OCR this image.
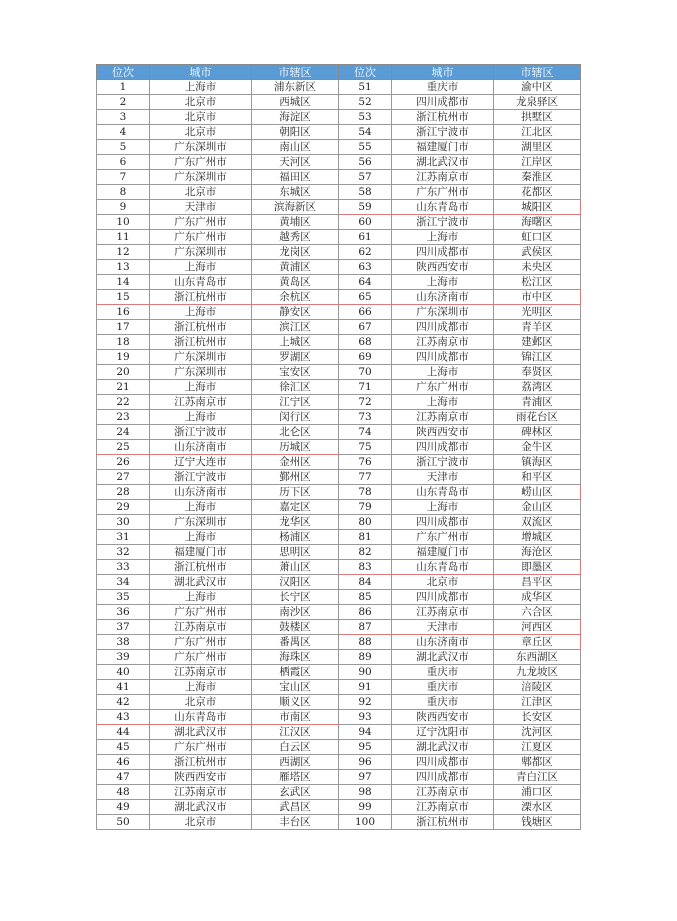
位次	城市	市辖区	位次	城市	市辖区
1	上海市	浦东新区	51	重庆市	渝中区
2	北京市	西城区	52	四川成都市	龙泉驿区
3	北京市	海淀区	53	浙江杭州市	拱墅区
4	北京市	朝阳区	54	浙江宁波市	江北区
5	广东深圳市	南山区	55	福建厦门市	湖里区
6	广东广州市	天河区	56	湖北武汉市	江岸区
7	广东深圳市	福田区	57	江苏南京市	秦淮区
8	北京市	东城区	58	广东广州市	花都区
9	天津市	滨海新区	59	山东青岛市	城阳区
10	广东广州市	黄埔区	60	浙江宁波市	海曙区
11	广东广州市	越秀区	61	上海市	虹口区
12	广东深圳市	龙岗区	62	四川成都市	武侯区
13	上海市	黄浦区	63	陕西西安市	未央区
14	山东青岛市	黄岛区	64	上海市	松江区
15	浙江杭州市	余杭区	65	山东济南市	市中区
16	上海市	静安区	66	广东深圳市	光明区
17	浙江杭州市	滨江区	67	四川成都市	青羊区
18	浙江杭州市	上城区	68	江苏南京市	建邺区
19	广东深圳市	罗湖区	69	四川成都市	锦江区
20	广东深圳市	宝安区	70	上海市	奉贤区
21	上海市	徐汇区	71	广东广州市	荔湾区
22	江苏南京市	江宁区	72	上海市	青浦区
23	上海市	闵行区	73	江苏南京市	雨花台区
24	浙江宁波市	北仑区	74	陕西西安市	碑林区
25	山东济南市	历城区	75	四川成都市	金牛区
26	辽宁大连市	金州区	76	浙江宁波市	镇海区
27	浙江宁波市	鄞州区	77	天津市	和平区
28	山东济南市	历下区	78	山东青岛市	崂山区
29	上海市	嘉定区	79	上海市	金山区
30	广东深圳市	龙华区	80	四川成都市	双流区
31	上海市	杨浦区	81	广东广州市	增城区
32	福建厦门市	思明区	82	福建厦门市	海沧区
33	浙江杭州市	萧山区	83	山东青岛市	即墨区
34	湖北武汉市	汉阳区	84	北京市	昌平区
35	上海市	长宁区	85	四川成都市	成华区
36	广东广州市	南沙区	86	江苏南京市	六合区
37	江苏南京市	鼓楼区	87	天津市	河西区
38	广东广州市	番禺区	88	山东济南市	章丘区
39	广东广州市	海珠区	89	湖北武汉市	东西湖区
40	江苏南京市	栖霞区	90	重庆市	九龙坡区
41	上海市	宝山区	91	重庆市	涪陵区
42	北京市	顺义区	92	重庆市	江津区
43	山东青岛市	市南区	93	陕西西安市	长安区
44	湖北武汉市	江汉区	94	辽宁沈阳市	沈河区
45	广东广州市	白云区	95	湖北武汉市	江夏区
46	浙江杭州市	西湖区	96	四川成都市	郫都区
47	陕西西安市	雁塔区	97	四川成都市	青白江区
48	江苏南京市	玄武区	98	江苏南京市	浦口区
49	湖北武汉市	武昌区	99	江苏南京市	溧水区
50	北京市	丰台区	100	浙江杭州市	钱塘区
